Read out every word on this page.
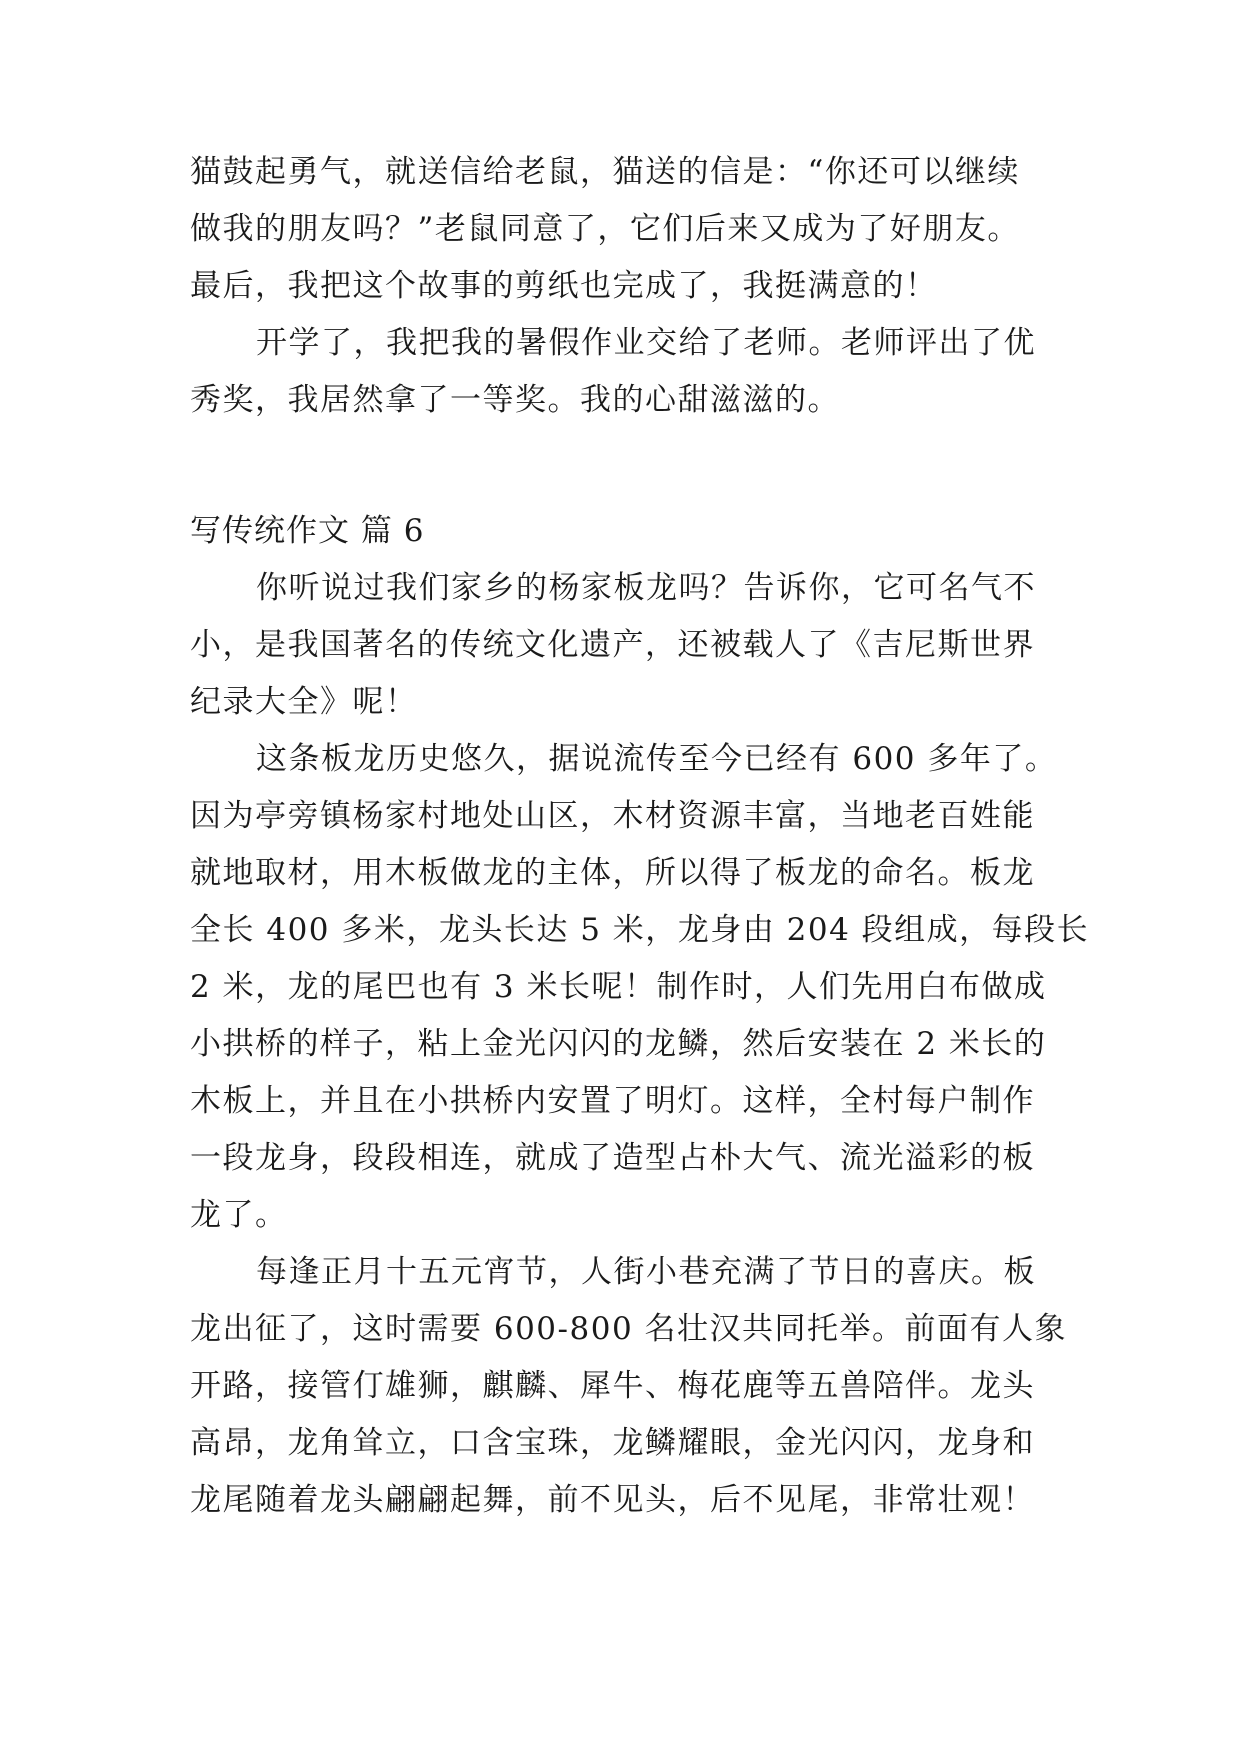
猫鼓起勇气，就送信给老鼠，猫送的信是：“你还可以继续
做我的朋友吗？”老鼠同意了，它们后来又成为了好朋友。
最后，我把这个故事的剪纸也完成了，我挺满意的！
开学了，我把我的暑假作业交给了老师。老师评出了优
秀奖，我居然拿了一等奖。我的心甜滋滋的。
写传统作文 篇 6
你听说过我们家乡的杨家板龙吗？告诉你，它可名气不
小，是我国著名的传统文化遗产，还被载人了《吉尼斯世界
纪录大全》呢！
这条板龙历史悠久，据说流传至今已经有 600 多年了。
因为亭旁镇杨家村地处山区，木材资源丰富，当地老百姓能
就地取材，用木板做龙的主体，所以得了板龙的命名。板龙
全长 400 多米，龙头长达 5 米，龙身由 204 段组成，每段长
2 米，龙的尾巴也有 3 米长呢！制作时，人们先用白布做成
小拱桥的样子，粘上金光闪闪的龙鳞，然后安装在 2 米长的
木板上，并且在小拱桥内安置了明灯。这样，全村每户制作
一段龙身，段段相连，就成了造型占朴大气、流光溢彩的板
龙了。
每逢正月十五元宵节，人街小巷充满了节日的喜庆。板
龙出征了，这时需要 600-800 名壮汉共同托举。前面有人象
开路，接管仃雄狮，麒麟、犀牛、梅花鹿等五兽陪伴。龙头
高昂，龙角耸立，口含宝珠，龙鳞耀眼，金光闪闪，龙身和
龙尾随着龙头翩翩起舞，前不见头，后不见尾，非常壮观！
